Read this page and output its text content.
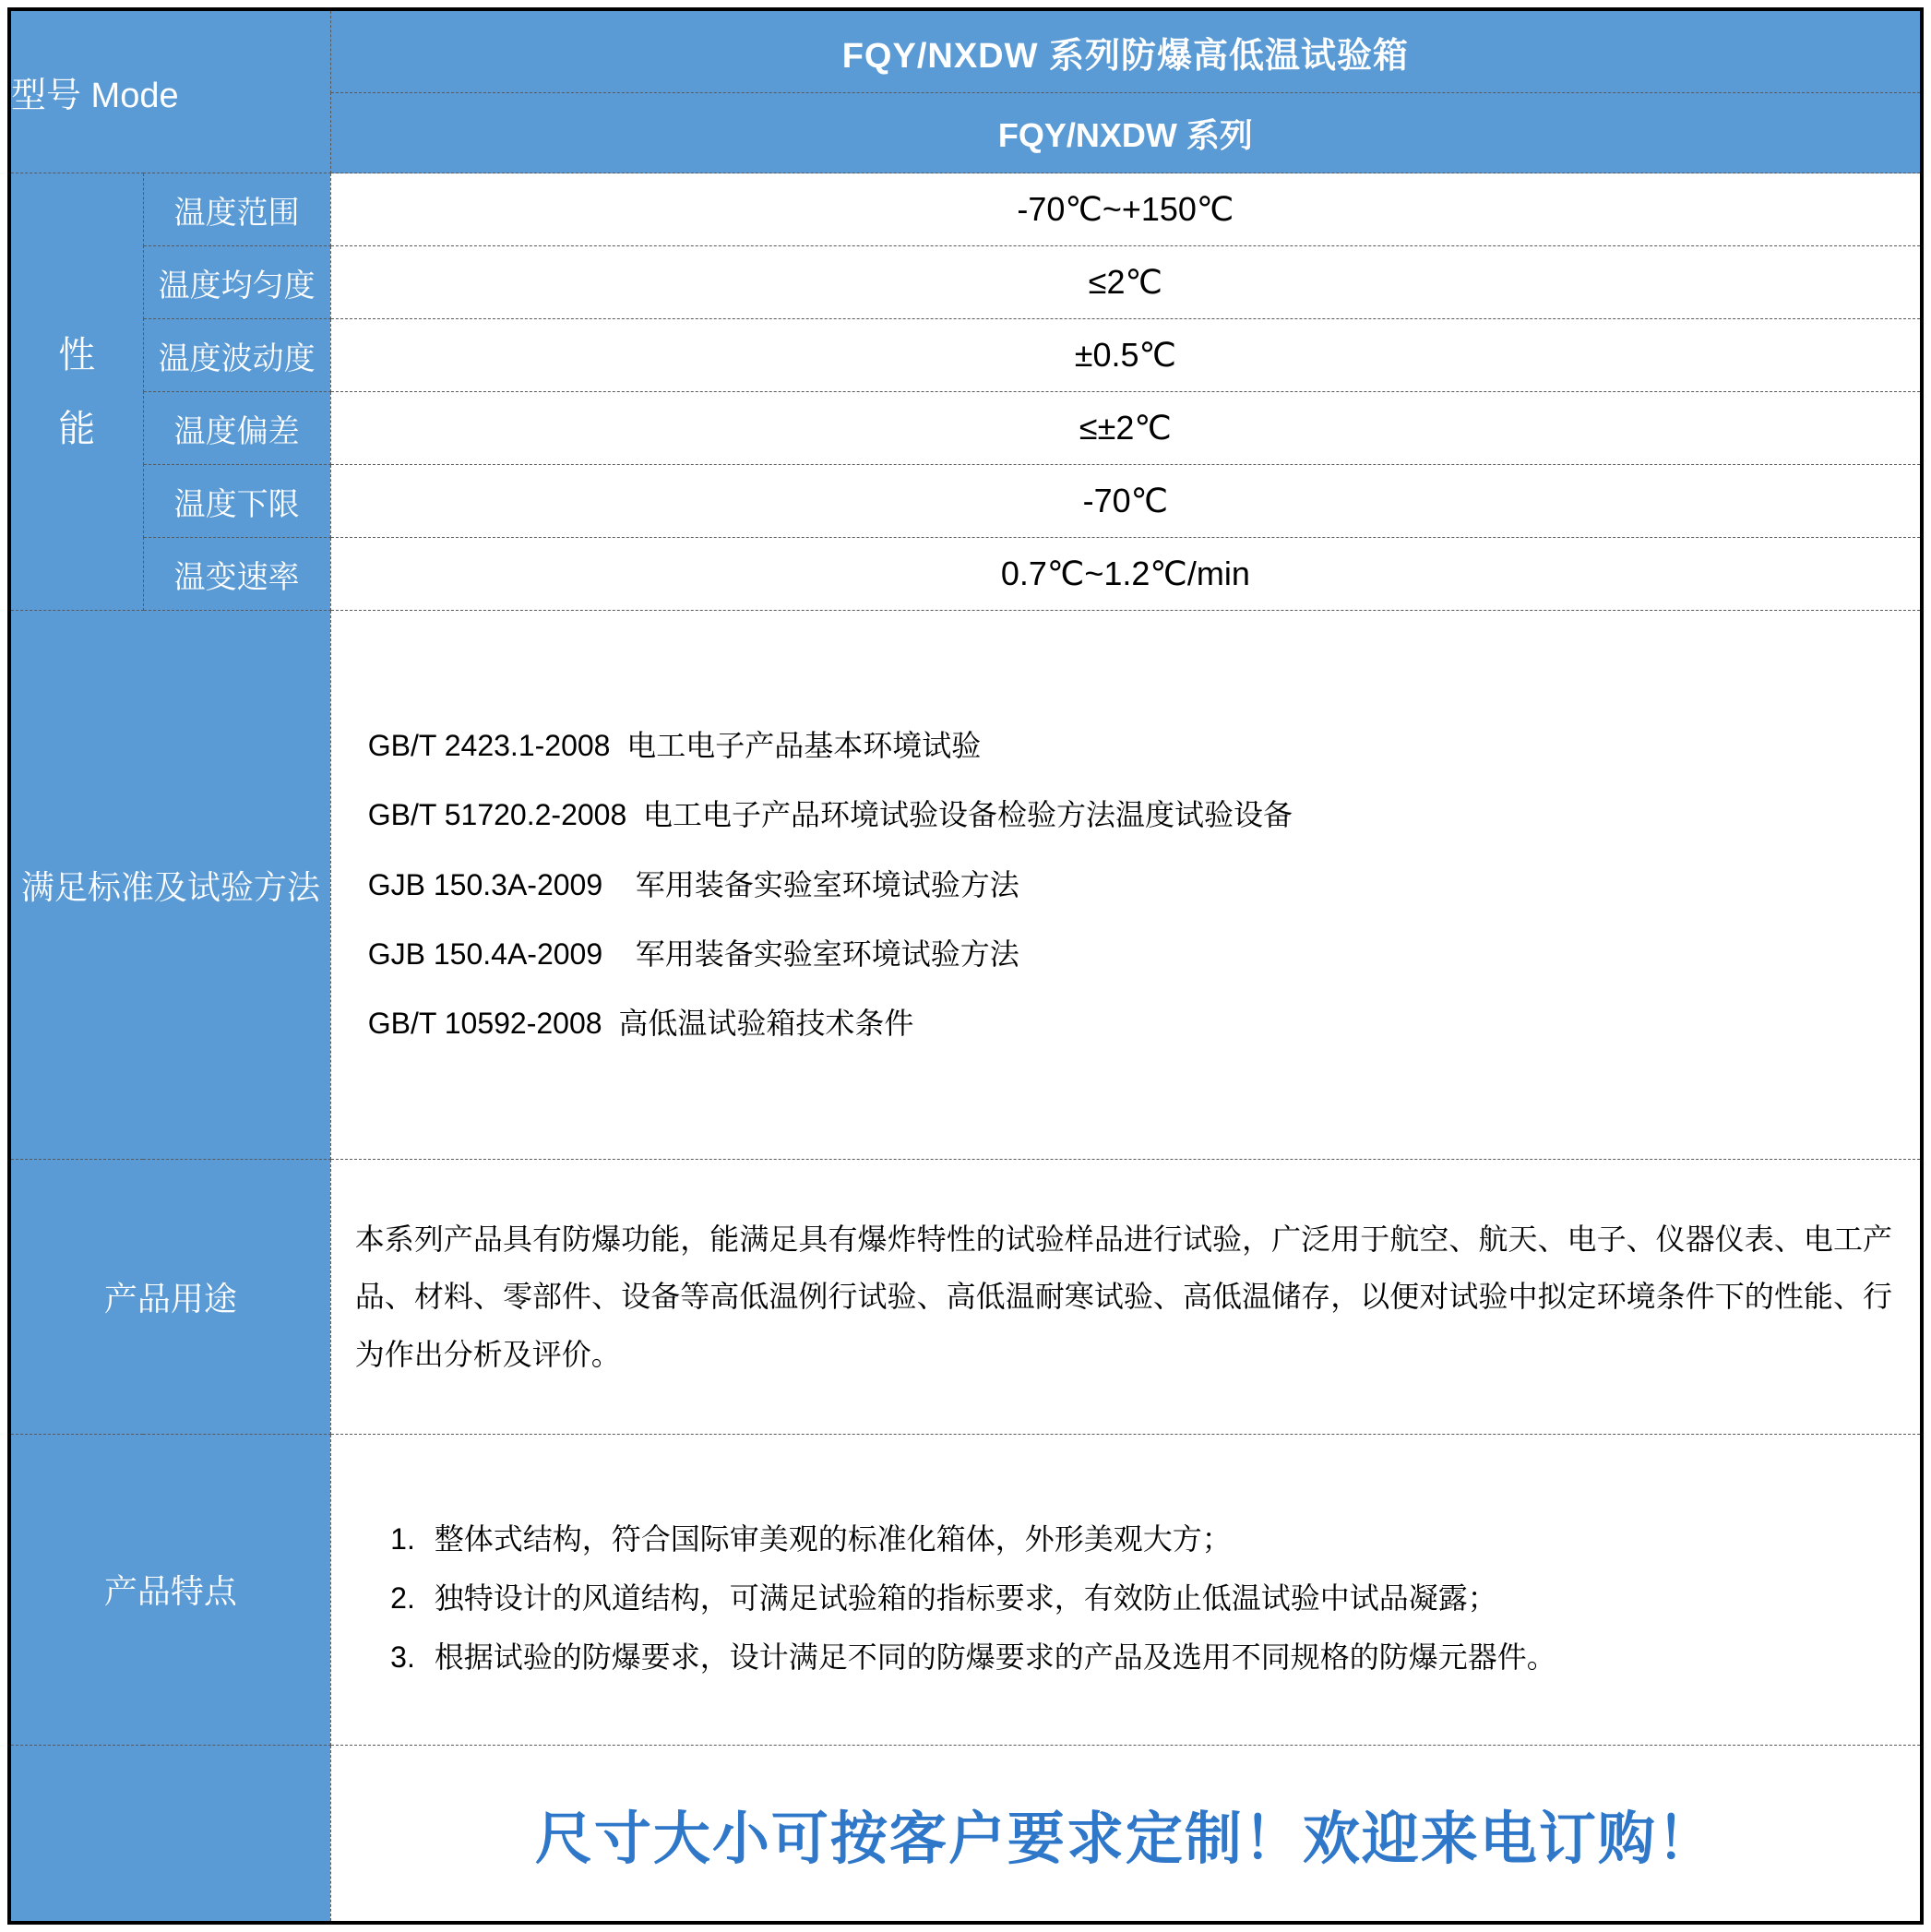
型号 Mode		FQY/NXDW 系列防爆高低温试验箱
		FQY/NXDW 系列
性
能	温度范围	-70℃~+150℃
	温度均匀度	≤2℃
	温度波动度	±0.5℃
	温度偏差	≤±2℃
	温度下限	-70℃
	温变速率	0.7℃~1.2℃/min
满足标准及试验方法		GB/T 2423.1-2008  电工电子产品基本环境试验
GB/T 51720.2-2008  电工电子产品环境试验设备检验方法温度试验设备
GJB 150.3A-2009    军用装备实验室环境试验方法
GJB 150.4A-2009    军用装备实验室环境试验方法
GB/T 10592-2008  高低温试验箱技术条件

产品用途		本系列产品具有防爆功能，能满足具有爆炸特性的试验样品进行试验，广泛用于航空、航天、电子、仪器仪表、电工产品、材料、零部件、设备等高低温例行试验、高低温耐寒试验、高低温储存，以便对试验中拟定环境条件下的性能、行为作出分析及评价。

产品特点	
1. 整体式结构，符合国际审美观的标准化箱体，外形美观大方；
2. 独特设计的风道结构，可满足试验箱的指标要求，有效防止低温试验中试品凝露；
3. 根据试验的防爆要求，设计满足不同的防爆要求的产品及选用不同规格的防爆元器件。

		尺寸大小可按客户要求定制！欢迎来电订购！
